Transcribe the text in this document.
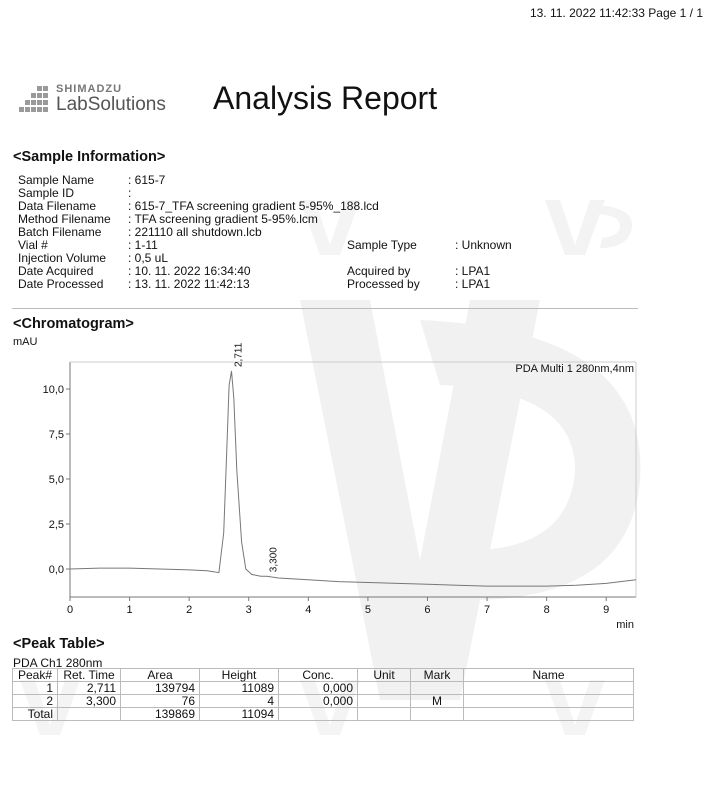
13. 11. 2022 11:42:33 Page 1 / 1
SHIMADZU
LabSolutions Analysis Report
<Sample Information>
Sample Name	: 615-7
Sample ID	:
Data Filename	: 615-7_TFA screening gradient 5-95%_188.lcd
Method Filename : TFA screening gradient 5-95%.lcm
Batch Filename : 221110 all shutdown.lcb
Vial #	: 1-11
Injection Volume : 0,5 uL
Date Acquired	: 10. 11. 2022 16:34:40
Date Processed : 13. 11. 2022 11:42:13
Sample Type	: Unknown
Acquired by	: LPA1
Processed by	: LPA1
<Chromatogram>
mAU
0,0
2,5
5,0
7,5
10,0
0	1	2	3	4	5	6	7	8	9
2,711
3,300
PDA Multi 1 280nm,4nm
min
<Peak Table>
PDA Ch1 280nm
Peak#	Ret. Time	Area	Height	Conc.	Unit	Mark	Name
1	2,711	139794	11089	0,000			
2	3,300	76	4	0,000		M	
Total		139869	11094				
